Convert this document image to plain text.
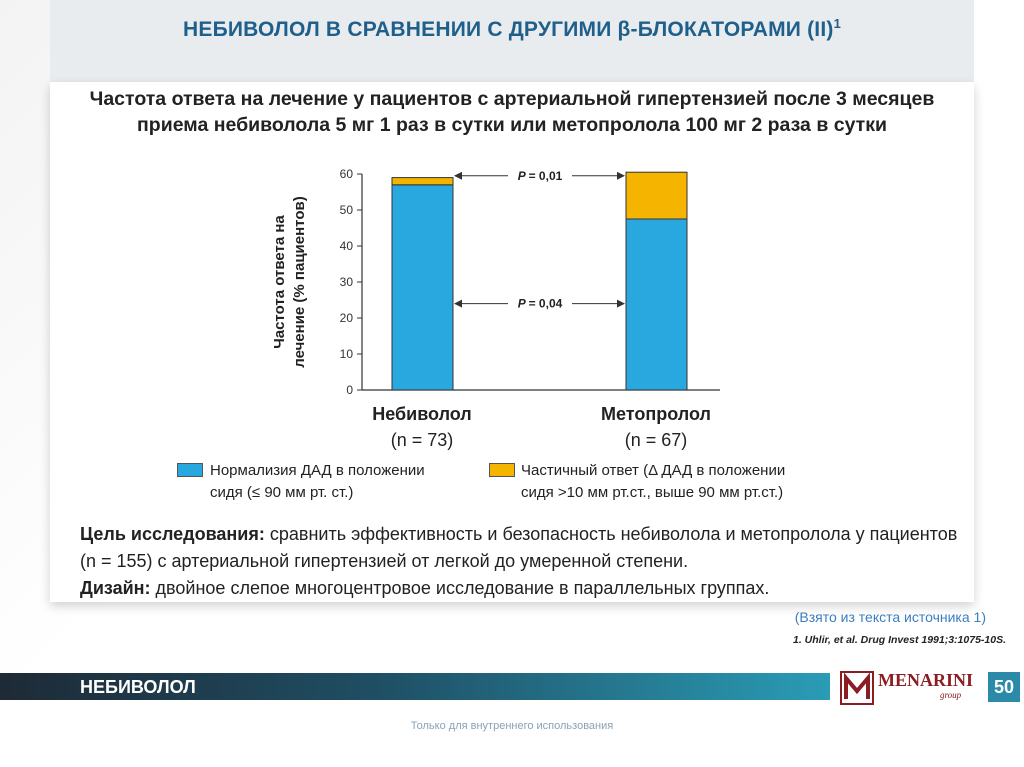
НЕБИВОЛОЛ В СРАВНЕНИИ С ДРУГИМИ β-БЛОКАТОРАМИ (II)$^1$
Частота ответа на лечение у пациентов с артериальной гипертензией после 3 месяцев приема небиволола 5 мг 1 раз в сутки или метопролола 100 мг 2 раза в сутки
0
10
20
30
40
50
60	P = 0,01
P = 0,04
Частота ответа на лечение (% пациентов)
Небиволол
(n = 73)
Метопролол
(n = 67)
Нормализия ДАД в положении
сидя (≤ 90 мм рт. ст.)
Частичный ответ (Δ ДАД в положении
сидя >10 мм рт.ст., выше 90 мм рт.ст.)
Цель исследования: сравнить эффективность и безопасность небиволола и метопролола у пациентов (n = 155) с артериальной гипертензией от легкой до умеренной степени.
Дизайн: двойное слепое многоцентровое исследование в параллельных группах.
(Взято из текста источника 1)
1. Uhlir, et al. Drug Invest 1991;3:1075-10S.
НЕБИВОЛОЛ	MENARINI
group	50
Только для внутреннего использования
